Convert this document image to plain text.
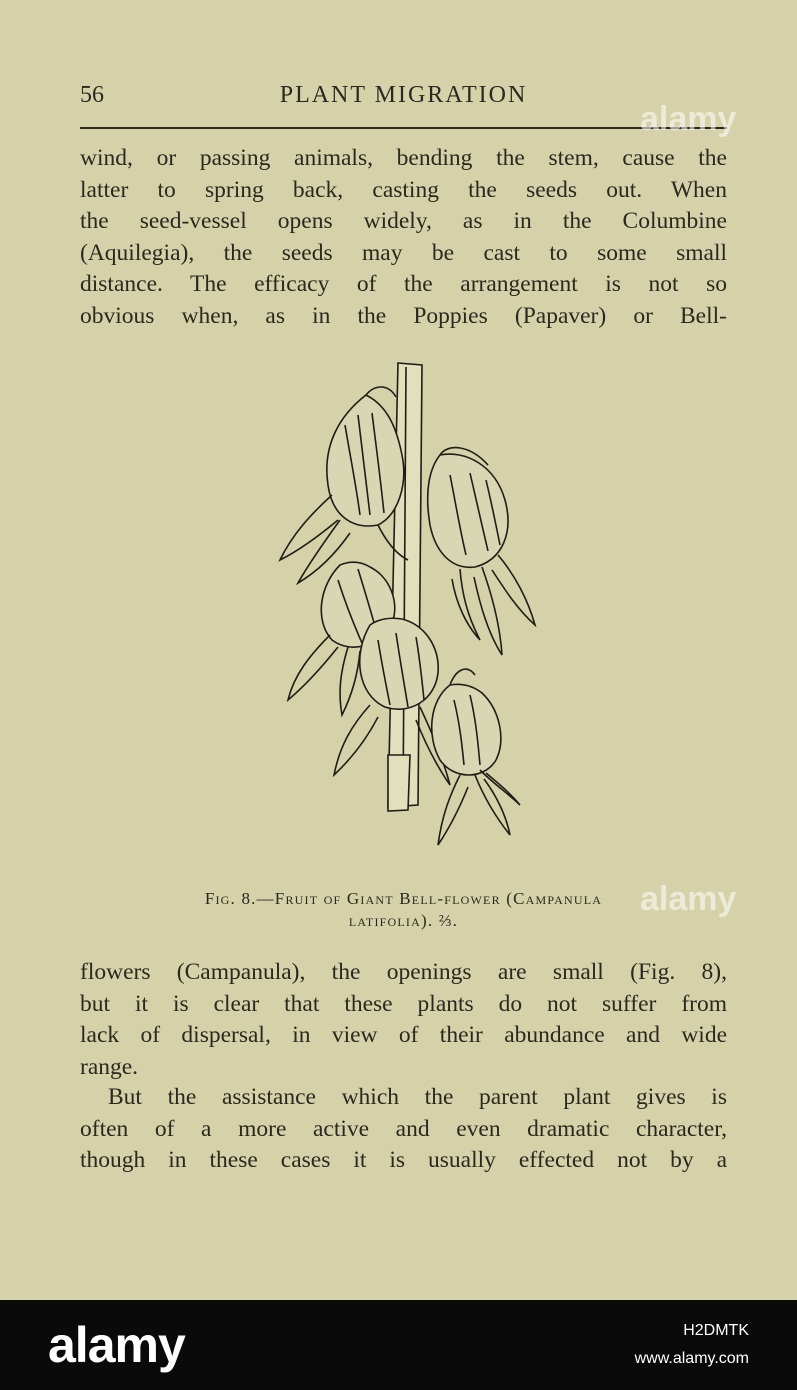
56	PLANT MIGRATION
wind, or passing animals, bending the stem, cause the
latter to spring back, casting the seeds out. When
the seed-vessel opens widely, as in the Columbine
(Aquilegia), the seeds may be cast to some small
distance. The efficacy of the arrangement is not so
obvious when, as in the Poppies (Papaver) or Bell-
Fig. 8.—Fruit of Giant Bell-flower (Campanula
latifolia). ⅔.
flowers (Campanula), the openings are small (Fig. 8),
but it is clear that these plants do not suffer from
lack of dispersal, in view of their abundance and wide
range.
But the assistance which the parent plant gives is
often of a more active and even dramatic character,
though in these cases it is usually effected not by a
alamy
alamy
alamy	H2DMTK
www.alamy.com
